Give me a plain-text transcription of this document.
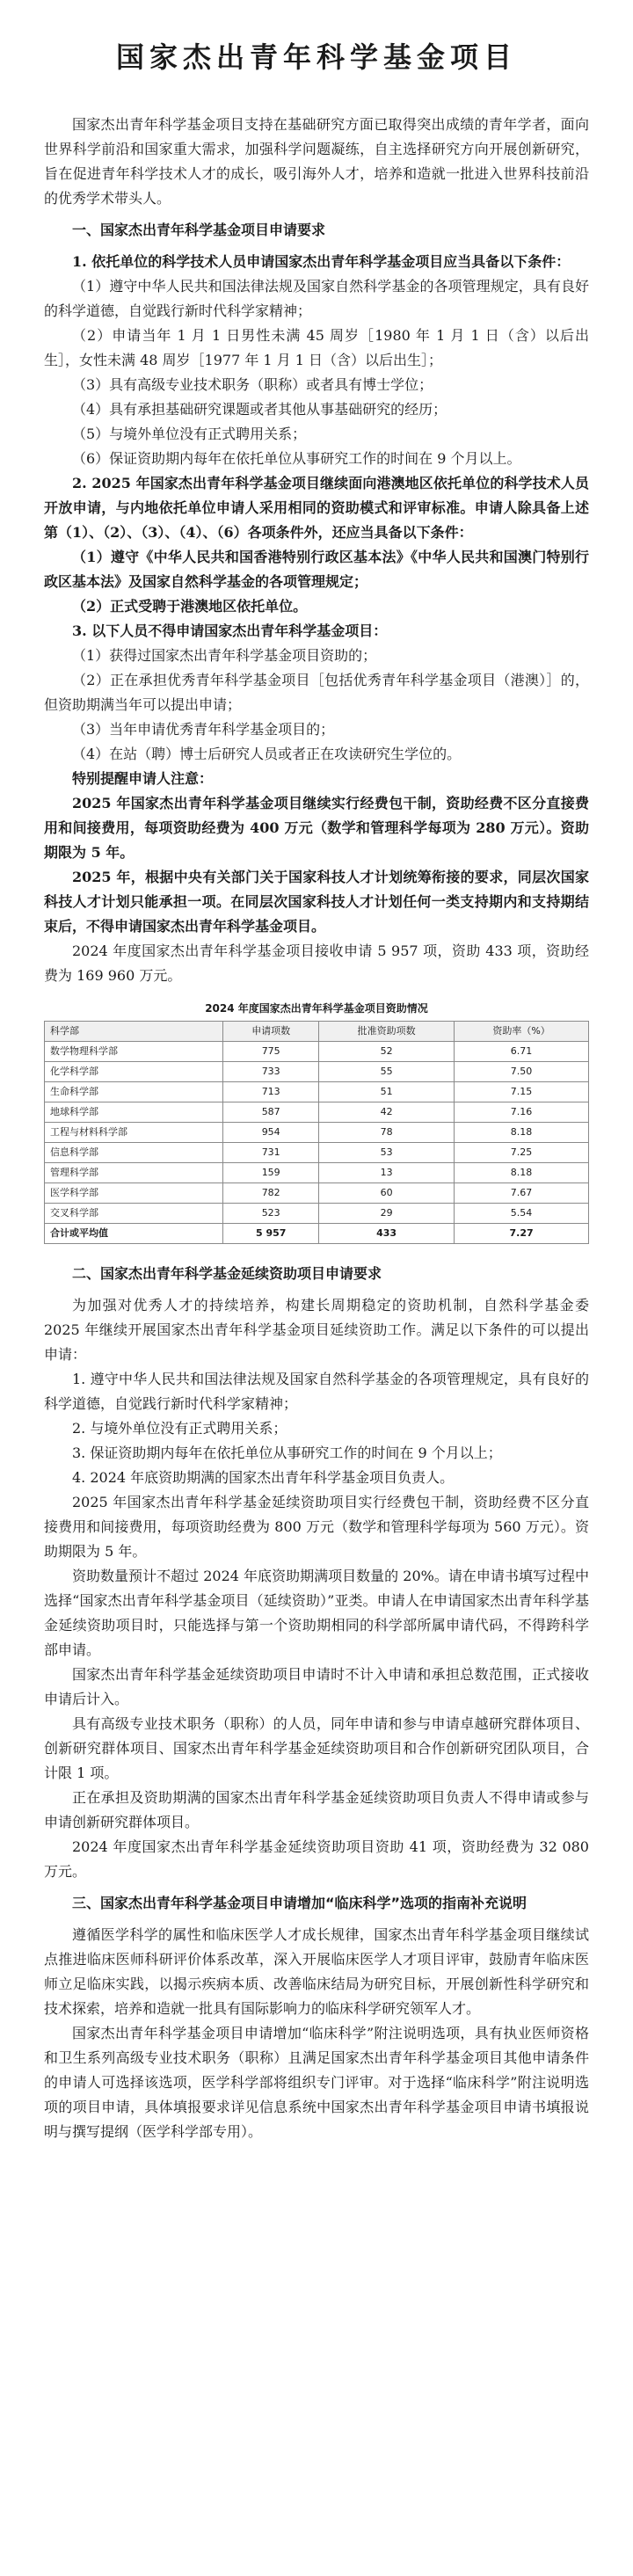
国家杰出青年科学基金项目

国家杰出青年科学基金项目支持在基础研究方面已取得突出成绩的青年学者，面向世界科学前沿和国家重大需求，加强科学问题凝练，自主选择研究方向开展创新研究，旨在促进青年科学技术人才的成长，吸引海外人才，培养和造就一批进入世界科技前沿的优秀学术带头人。

一、国家杰出青年科学基金项目申请要求

1. 依托单位的科学技术人员申请国家杰出青年科学基金项目应当具备以下条件：

（1）遵守中华人民共和国法律法规及国家自然科学基金的各项管理规定，具有良好的科学道德，自觉践行新时代科学家精神；

（2）申请当年 1 月 1 日男性未满 45 周岁［1980 年 1 月 1 日（含）以后出生］，女性未满 48 周岁［1977 年 1 月 1 日（含）以后出生］；

（3）具有高级专业技术职务（职称）或者具有博士学位；

（4）具有承担基础研究课题或者其他从事基础研究的经历；

（5）与境外单位没有正式聘用关系；

（6）保证资助期内每年在依托单位从事研究工作的时间在 9 个月以上。

2. 2025 年国家杰出青年科学基金项目继续面向港澳地区依托单位的科学技术人员开放申请，与内地依托单位申请人采用相同的资助模式和评审标准。申请人除具备上述第（1）、（2）、（3）、（4）、（6）各项条件外，还应当具备以下条件：

（1）遵守《中华人民共和国香港特别行政区基本法》《中华人民共和国澳门特别行政区基本法》及国家自然科学基金的各项管理规定；

（2）正式受聘于港澳地区依托单位。

3. 以下人员不得申请国家杰出青年科学基金项目：

（1）获得过国家杰出青年科学基金项目资助的；

（2）正在承担优秀青年科学基金项目［包括优秀青年科学基金项目（港澳）］的，但资助期满当年可以提出申请；

（3）当年申请优秀青年科学基金项目的；

（4）在站（聘）博士后研究人员或者正在攻读研究生学位的。

特别提醒申请人注意：

2025 年国家杰出青年科学基金项目继续实行经费包干制，资助经费不区分直接费用和间接费用，每项资助经费为 400 万元（数学和管理科学每项为 280 万元）。资助期限为 5 年。

2025 年，根据中央有关部门关于国家科技人才计划统筹衔接的要求，同层次国家科技人才计划只能承担一项。在同层次国家科技人才计划任何一类支持期内和支持期结束后，不得申请国家杰出青年科学基金项目。

2024 年度国家杰出青年科学基金项目接收申请 5 957 项，资助 433 项，资助经费为 169 960 万元。

2024 年度国家杰出青年科学基金项目资助情况
科学部	申请项数	批准资助项数	资助率（%）
数学物理科学部	775	52	6.71
化学科学部	733	55	7.50
生命科学部	713	51	7.15
地球科学部	587	42	7.16
工程与材料科学部	954	78	8.18
信息科学部	731	53	7.25
管理科学部	159	13	8.18
医学科学部	782	60	7.67
交叉科学部	523	29	5.54
合计或平均值	5 957	433	7.27

二、国家杰出青年科学基金延续资助项目申请要求

为加强对优秀人才的持续培养，构建长周期稳定的资助机制，自然科学基金委 2025 年继续开展国家杰出青年科学基金项目延续资助工作。满足以下条件的可以提出申请：

1. 遵守中华人民共和国法律法规及国家自然科学基金的各项管理规定，具有良好的科学道德，自觉践行新时代科学家精神；

2. 与境外单位没有正式聘用关系；

3. 保证资助期内每年在依托单位从事研究工作的时间在 9 个月以上；

4. 2024 年底资助期满的国家杰出青年科学基金项目负责人。

2025 年国家杰出青年科学基金延续资助项目实行经费包干制，资助经费不区分直接费用和间接费用，每项资助经费为 800 万元（数学和管理科学每项为 560 万元）。资助期限为 5 年。

资助数量预计不超过 2024 年底资助期满项目数量的 20%。请在申请书填写过程中选择“国家杰出青年科学基金项目（延续资助）”亚类。申请人在申请国家杰出青年科学基金延续资助项目时，只能选择与第一个资助期相同的科学部所属申请代码，不得跨科学部申请。

国家杰出青年科学基金延续资助项目申请时不计入申请和承担总数范围，正式接收申请后计入。

具有高级专业技术职务（职称）的人员，同年申请和参与申请卓越研究群体项目、创新研究群体项目、国家杰出青年科学基金延续资助项目和合作创新研究团队项目，合计限 1 项。

正在承担及资助期满的国家杰出青年科学基金延续资助项目负责人不得申请或参与申请创新研究群体项目。

2024 年度国家杰出青年科学基金延续资助项目资助 41 项，资助经费为 32 080 万元。

三、国家杰出青年科学基金项目申请增加“临床科学”选项的指南补充说明

遵循医学科学的属性和临床医学人才成长规律，国家杰出青年科学基金项目继续试点推进临床医师科研评价体系改革，深入开展临床医学人才项目评审，鼓励青年临床医师立足临床实践，以揭示疾病本质、改善临床结局为研究目标，开展创新性科学研究和技术探索，培养和造就一批具有国际影响力的临床科学研究领军人才。

国家杰出青年科学基金项目申请增加“临床科学”附注说明选项，具有执业医师资格和卫生系列高级专业技术职务（职称）且满足国家杰出青年科学基金项目其他申请条件的申请人可选择该选项，医学科学部将组织专门评审。对于选择“临床科学”附注说明选项的项目申请，具体填报要求详见信息系统中国家杰出青年科学基金项目申请书填报说明与撰写提纲（医学科学部专用）。
